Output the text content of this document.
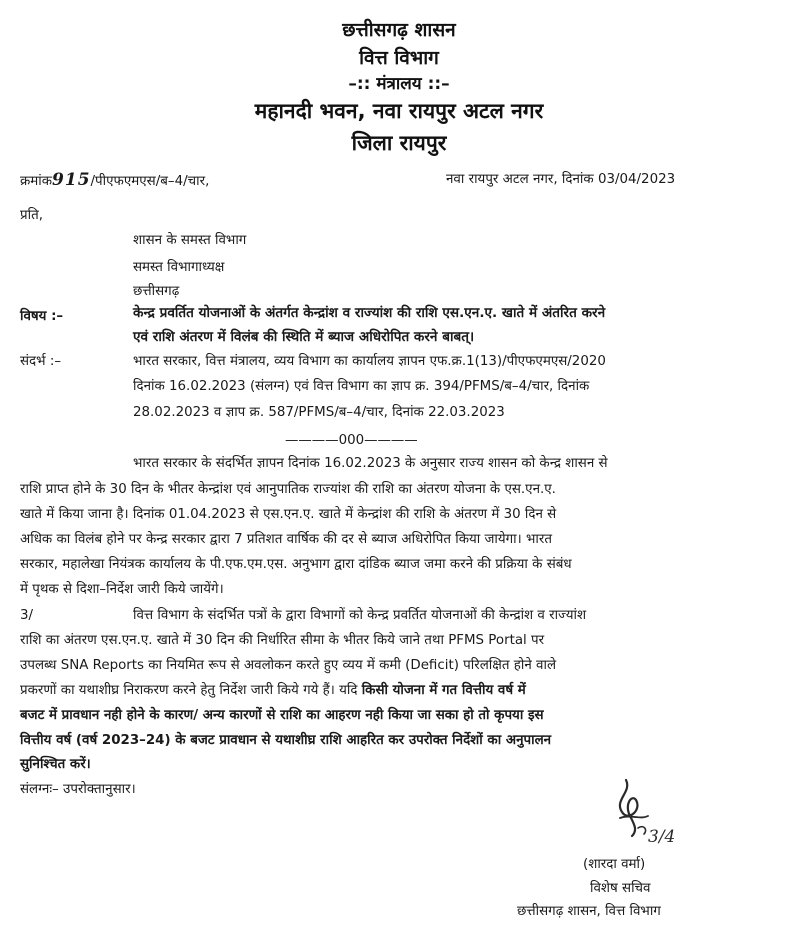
छत्तीसगढ़ शासन
वित्त विभाग
–:: मंत्रालय ::–
महानदी भवन, नवा रायपुर अटल नगर
जिला रायपुर
क्रमांक915/पीएफएमएस/ब–4/चार,	नवा रायपुर अटल नगर, दिनांक 03/04/2023
प्रति,
शासन के समस्त विभाग
समस्त विभागाध्यक्ष
छत्तीसगढ़
विषय :–	केन्द्र प्रवर्तित योजनाओं के अंतर्गत केन्द्रांश व राज्यांश की राशि एस.एन.ए. खाते में अंतरित करने
एवं राशि अंतरण में विलंब की स्थिति में ब्याज अधिरोपित करने बाबत्।
संदर्भ :–	भारत सरकार, वित्त मंत्रालय, व्यय विभाग का कार्यालय ज्ञापन एफ.क्र.1(13)/पीएफएमएस/2020
दिनांक 16.02.2023 (संलग्न) एवं वित्त विभाग का ज्ञाप क्र. 394/PFMS/ब–4/चार, दिनांक
28.02.2023 व ज्ञाप क्र. 587/PFMS/ब–4/चार, दिनांक 22.03.2023
————000————
भारत सरकार के संदर्भित ज्ञापन दिनांक 16.02.2023 के अनुसार राज्य शासन को केन्द्र शासन से
राशि प्राप्त होने के 30 दिन के भीतर केन्द्रांश एवं आनुपातिक राज्यांश की राशि का अंतरण योजना के एस.एन.ए.
खाते में किया जाना है। दिनांक 01.04.2023 से एस.एन.ए. खाते में केन्द्रांश की राशि के अंतरण में 30 दिन से
अधिक का विलंब होने पर केन्द्र सरकार द्वारा 7 प्रतिशत वार्षिक की दर से ब्याज अधिरोपित किया जायेगा। भारत
सरकार, महालेखा नियंत्रक कार्यालय के पी.एफ.एम.एस. अनुभाग द्वारा दांडिक ब्याज जमा करने की प्रक्रिया के संबंध
में पृथक से दिशा–निर्देश जारी किये जायेंगे।
3/	वित्त विभाग के संदर्भित पत्रों के द्वारा विभागों को केन्द्र प्रवर्तित योजनाओं की केन्द्रांश व राज्यांश
राशि का अंतरण एस.एन.ए. खाते में 30 दिन की निर्धारित सीमा के भीतर किये जाने तथा PFMS Portal पर
उपलब्ध SNA Reports का नियमित रूप से अवलोकन करते हुए व्यय में कमी (Deficit) परिलक्षित होने वाले
प्रकरणों का यथाशीघ्र निराकरण करने हेतु निर्देश जारी किये गये हैं। यदि किसी योजना में गत वित्तीय वर्ष में
बजट में प्रावधान नही होने के कारण/ अन्य कारणों से राशि का आहरण नही किया जा सका हो तो कृपया इस
वित्तीय वर्ष (वर्ष 2023–24) के बजट प्रावधान से यथाशीघ्र राशि आहरित कर उपरोक्त निर्देशों का अनुपालन
सुनिश्चित करें।
संलग्नः– उपरोक्तानुसार।
3/4
(शारदा वर्मा)
विशेष सचिव
छत्तीसगढ़ शासन, वित्त विभाग
